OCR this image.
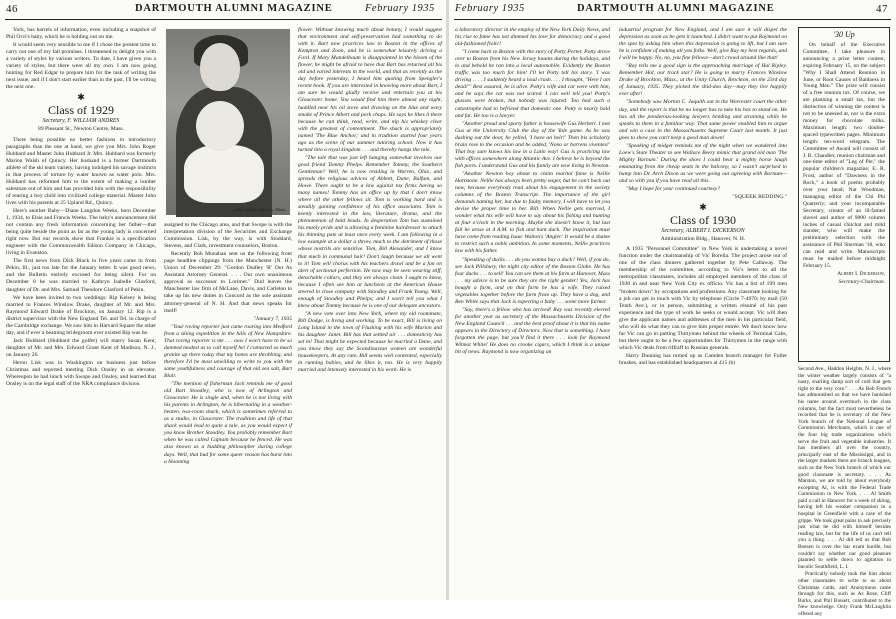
46	DARTMOUTH ALUMNI MAGAZINE	February 1935

York, has barrels of information, even including a snapshot of Phil Orvi's baby, which he is holding out on me.

It would seem very sensible to me if I chose the present time to carry out one of my fall promises. I threatened to delight you with a variety of styles by various writers. To date, I have given you a variety of styles, but there were all my own. I am now going hunting for Red Edgar to prepare him for the task of writing the next issue, and if I don't start earlier than in the past, I'll be writing the next one.

✱

Class of 1929

Secretary, F. WILLIAM ANDRES

89 Pleasant St., Newton Centre, Mass.

There being possible no better fashions in introductory paragraphs than the one at hand, we give you Mrs. John Roger Hubbard and Master John Hubbard Jr. Mrs. Hubbard was formerly Marion Walsh of Quincy. Her husband is a former Dartmouth athlete of the ski team variety, having indulged his savage instincts in that process of torture by water known as water polo. Mrs. Hubbard has reformed him to the extent of making a lumber salesman out of him and has provided him with the responsibility of rearing a boy child into civilized college material. Master John lives with his parents at 25 Upland Rd., Quincy.

Here's another Baby—Diane Langdon Weeks, born December 1, 1934, to Elsie and Francis Weeks. The baby's announcement did not contain any fresh information concerning her father—that being quite beside the point as far as the young lady is concerned right now. But our records show that Frankie is a specification engineer with the Commonwealth Edison Company in Chicago, living in Evanston.

The first news from Dick Black in five years came in from Pekin, Ill., just too late for the January letter. It was good news, and the Bulletin entirely excused for being silent. For on December 8 he was married to Kathryn Isabelle Glasford, daughter of Dr. and Mrs. Samuel Theodore Glasford of Pekin.

We have been invited to two weddings: Rip Kelsey is being married to Frances Winslow Drake, daughter of Mr. and Mrs. Raymond Edward Drake of Brockton, on January 12. Rip is a district supervisor with the New England Tel. and Tel. in charge of the Cambridge exchange. We saw him in Harvard Square the other day, and if ever a beaming bridegroom ever existed Rip was he.

Jack Hubbard (Hubbard the golfer) will marry Susan Kent, daughter of Mr. and Mrs. Edward Grant Kent of Madison, N. J., on January 26.

Heron Lisk was in Washington on business just before Christmas and reported meeting Dick Onsley in an elevator. Whereupon he had lunch with Swope and Onsley, and learned that Onsley is on the legal staff of the NRA compliance division

—Rice Studio, Quincy, Mass.

assigned to the Chicago area, and that Swope is with the interpretation division of the Securities and Exchange Commission. Lisk, by the way, is with Stoddard, Stevens, and Clark, investment counselors, Boston.

Recently Bob Monahan sent us the following front page headline clippings from the Manchester (N. H.) Union of December 29: "Gordon Dudley 'R' Out As Assistant Attorney General. . . . Our own unanimous approval as successor to Lorimer." Dud leaves the Manchester law firm of McLane, Davis, and Carleton to take up his new duties in Concord as the sole assistant attorney-general of N. H. And that news speaks for itself!

"January 7, 1935

"Your roving reporter just came roaring into Medford from a skiing expedition in the hills of New Hampshire. That roving reporter is me . . . now I won't have to be so damned modest as to call myself he! I contacted so much granite up there today that my bones are throbbing, and therefore I'd be most unwilling to write to you with the same youthfulness and courage of that old sea salt, Bart Blair.

"The mention of fisherman Jack reminds me of good old Bart Stoodley, who is now of Arlington and Gloucester. He is single and, when he is not living with his parents in Arlington, he is hibernating in a weather-beaten, two-room shack, which is sometimes referred to as a studio, in Gloucester. The tradition and life of that shack would lead to quite a tale, as you would expect if you know Brother Stoodley. You probably remember Bart when he was called Captain because he fenced. He was also known as a budding philosopher during college days. Well, that bud for some queer reason has burst into a blooming

flower. Without knowing much about botany, I would suggest that environment and self-preservation had something to do with it. Bart now practices law in Boston in the offices of Kempton and Zoon, and he is somewhat leisurely driving a Ford. If Mary Mandelbaum is disappointed in the bloom of the flower, he might be afraid to have that Bart has returned all his old and varied interests in the world, and that as recently as the day before yesterday, I heard him quoting from Spengler's recent book. If you are interested in knowing more about Bart, I am sure he would gladly receive and entertain you at his Gloucester home. You would find him there almost any night, huddled near his oil stove and drawing on the blue and wavy smoke of Prince Albert and pork chops. He says he likes it there because he can think, read, write, and nip his whiskey clear with the greatest of contentment. The shack is appropriately named 'The Blue Anchor,' and in tradition started four years ago as the scene of our summer tutoring school. Now it has turned into a royal kingdom . . . and thereby hangs the tale.

"The tale that was just left hanging somewhat involves our good friend Tommy Phelps. Remember Tommy, the Southern Gentleman? Well, he is now residing in Warren, Ohio, and spreads the religious advices of Abbott, Dane, Bulfum, and Howe. There ought to be a law against tax firms having so many names! Tommy has an office up by that I don't know where all the other fellows sit. Tom is working hard and is steadily gaining confidence of his office associates. Tom is keenly interested in the law, literature, drama, and the phenomenon of bald heads. In desperation Tom has sustained his manly pride and is allowing a feminine hairdresser to attack his thinning pate at least once every week. I am following in a low example at a dollar a throw, much to the detriment of those whose nostrils are sensitive. Tom, Bill Alexander, and I know that much in communal hair! Don't laugh because we all went to it! Tom will chorus with his teachers drawl and be a fan on alert of sectional perfection. He now may be seen wearing stiff, detachable collars, and they are always clean. I ought to know, because I often see him at luncheon at the American House steered in close company with Stoodley and Frank Young. Well, enough of Stoodley and Phelps; and I won't tell you what I know about Tommy because he is one of our delegate ancestors.

"A new vote over into New York, where my old roommate, Bill Dodge, is living and working. To be exact, Bill is living on Long Island in the town of Flushing with his wife Marion and his daughter Janet. Bill has that settled air . . . domesticity has set in! That might be expected because he married a Dane, and you know they say the Scandinavian women are wonderful housekeepers. At any rate, Bill seems well contented, especially in running babies, and he likes it, too. He is very happily married and intensely interested in his work. He is

February 1935	DARTMOUTH ALUMNI MAGAZINE	47

a laboratory director in the employ of the New York Daily News, and his rise to fame has not dimmed his love for democracy and a good old-fashioned frolic!

"I come back to Boston with the story of Potty Porter. Potty drove over to Boston from his New Jersey haunts during the holidays, and lo and behold he ran into a local automobile. Evidently the Boston traffic was too much for him! I'll let Potty tell his story. 'I was driving . . . . I suddenly heard a loud crash. . . . I thought, "Here I am dead!"' Rest assured, he is alive. Potty's wife and car were with him, and he says the car was not scared. I can well tell you! Potty's glasses were broken, but nobody was injured. Too bad such a catastrophe had to befriend that domestic one. Potty is nearly bald and fat. He too is a lawyer.

"Another proud and sporty father is housewife Gus Herbert. I met Gus at the University Club the day of the Yale game. As he was dashing out the door, he yelled, 'I have an heir!' Then his scholarly brain rose to the occasion and he added, 'Nono or barrens viventes!' That boy sure knows his law in a Latin way! Gus is practicing law with offices somewhere along Atlantic Ave. I believe he is beyond the fish ports. I understand Gus and his family are now living in Newton.

"Another Newton boy about to claim marital fame is Nellie Hartstone. Nellie has always been pretty eager, but he can't back out now, because everybody read about his engagement in the society columns of the Boston Transcript. The importance of the girl demands naming her, but due to faulty memory, I will have to let you devise the proper time to her. Bill. When Nellie gets married, I wonder what his wife will have to say about his fishing and hunting at four o'clock in the morning. Maybe she doesn't know it, but last fall he arose at 4 A.M. to fish and hunt duck. The inspiration must have come from reading Isaac Walton's 'Angler.' It would be a shame to restrict such a noble ambition. In some moments, Nellie practices law with his father.

"Speaking of ducks . . . do you wanna buy a duck? Well, if you do, see Jack Pillsbury, the night city editor of the Boston Globe. He has four ducks . . . to sell! You can see them at his farm at Hanover, Mass . . . my advice is to be sure they are the right gender! Yes, Jack has bought a farm, and on that farm he has a wife. They raised vegetables together before the farm froze up. They have a dog, and Ben White says that Jack is expecting a baby . . . some more farmer.

"Say, there's a fellow who has arrived! Ray was recently elected for another year as secretary of the Massachusetts Division of the New England Council . . . and the best proof about it is that his name appears in the Directory of Directors. Now that is something. I have forgotten the page, but you'll find it there . . . look for Raymond Wilmot White! He does no crooke cigars, which I think is a unique bit of news. Raymond is now organizing an

industrial program for New England, and I am sure it will dispel the depression as soon as he gets it launched. I didn't want to put Raymond on the spot by asking him when this depression is going to lift, but I am sure he is confident of making all you folks. Well, give Ray my best regards, and I will be happy. No, no, you fine fellows—don't crowd around like that!

"Ray tells me a good sign is the approaching marriage of Hal Ripley. Remember Hal, our track star? He is going to marry Frances Winslow Drake of Brockton, Mass., at the Unity Church, Brockton, on the 23rd day of January, 1935. They picked the shid-doo day—may they live happily ever after!

"Somebody saw Morton C. Jaquith out in the Worcester court the other day, and the report is that he no longer has to take his box to stand on. He has all the ponderous-looking lawyers bending and straining while he speaks to them in a familiar way. That same power enabled him to argue and win a case in the Massachusetts Supreme Court last month. It just goes to show you can't keep a good man down!

"Speaking of midget reminds me of the night when we wandered into Loew's State Theater to see Wallace Beery mimic that grand old man 'The Mighty Barnum.' During the show I could hear a mighty horse laugh emanating from the cheap seats in the balcony, so I wasn't surprised to bump into Dr. Arch Dixon as we were going out agreeing with Barnum—and so with you if you have read all this.

"May I hope for your continued courtesy?

"SQUEEK REDDING."

✱

Class of 1930

Secretary, ALBERT I. DICKERSON

Administration Bldg., Hanover, N. H.

A 1935 "Personnel Committee" in New York is undertaking a novel function under the chairmanship of Vic Borella. The project arose out of one of the class dinners gathered together by Pete Callaway. The membership of the committee, according to Vic's letter to all the metropolitan classmates, includes all employed members of the class of 1930 in and near New York City ex officio. Vic has a list of 199 men "broken down" by occupations and professions. Any classmate looking for a job can get in touch with Vic by telephone (Circle 7-4070; by mail (50 Tenth Ave.), or in person, submitting a written résumé of his past experience and the type of work he seeks or would accept. Vic will then give the applicant names and addresses of the men in his particular field, who will do what they can to give him proper entrée. We don't know how far Vic can go in putting Thirtymen behind the wheels of Terminal Cabs, but there ought to be a few opportunities for Thirtymen in the range with which Vic deals from riffraff to Russian generals.

Harry Dunning has turned up as Camden branch manager for Fuller brushes, and has established headquarters at 415 (b)

'30 Up

On behalf of the Executive Committee, I take pleasure in announcing a prize letter contest, expiring February 15, on the subject "Why I Shall Attend Reunion in June, or Root Causes of Baldness in Young Men." The prize will consist of a free reunion tax. Of course, we are planning a small tax, but the distinction of winning the contest is not to be sneezed at, nor is the extra money for chocolate milks. Maximum length: two double-spaced typewritten pages. Minimum length: ten-word telegram. The Committee of Award will consist of J. B. Chandler, reunion chairman and one-time editor of "Leg of Pie," the popular children's magazine; E. R. Frost, author of "Dawness in the Rock," a book of poems probably over your head; Nat Woodman, managing editor of the Chi Phi Quarterly; and your incomparable Secretary, creator of an ill-famed shovel and author of 9000 column inches of casual chitchat and mild slander, who will make the preliminary selection with the assistance of Phil Sherman '18, who can read and write. Manuscripts must be mailed before midnight February 15.

Albert I. Dickerson,

Secretary-Chairman.

Second Ave., Haddon Heights, N. J., where the winter weather largely consists of "a nasty, snarling damp sort of cold that gets right to the very core." . . . As Bob French has admonished us that we have banished his name around overmuch in the class columns, but the fact must nevertheless be recorded that he is secretary of the New York branch of the National League of Commission Merchants, which is one of the four big trade organizations which serve the fruit and vegetable industries. It has members all over the country, principally east of the Mississippi, and in the larger markets there are branch leagues, such as the New York branch of which our good classmate is secretary. . . . As Marston, we are told by about everybody excepting Al, is with the Federal Trade Commission in New York. . . . Al Smith paid a call in Hanover for a week of skiing, having left his weaker companion in a hospital in Greenfield with a case of the grippe. We took great pains to ask precisely just what he did with himself besides reading law, but for the life of us can't tell you a thing. . . . Al did tell us that Bob Boesen is over the bar exam hurdle, but couldn't say whether our good pleasure planned to settle down to agitation in bucolic Southfield, L. I.

Practically nobody took the hint about other classmates to write to us about Christmas cards, and Anonymous came through for this, such as As Rose, Cliff Burks, and Phil Bassett, contributed to the New knowledge. Only Frank McLaughlin offered any
